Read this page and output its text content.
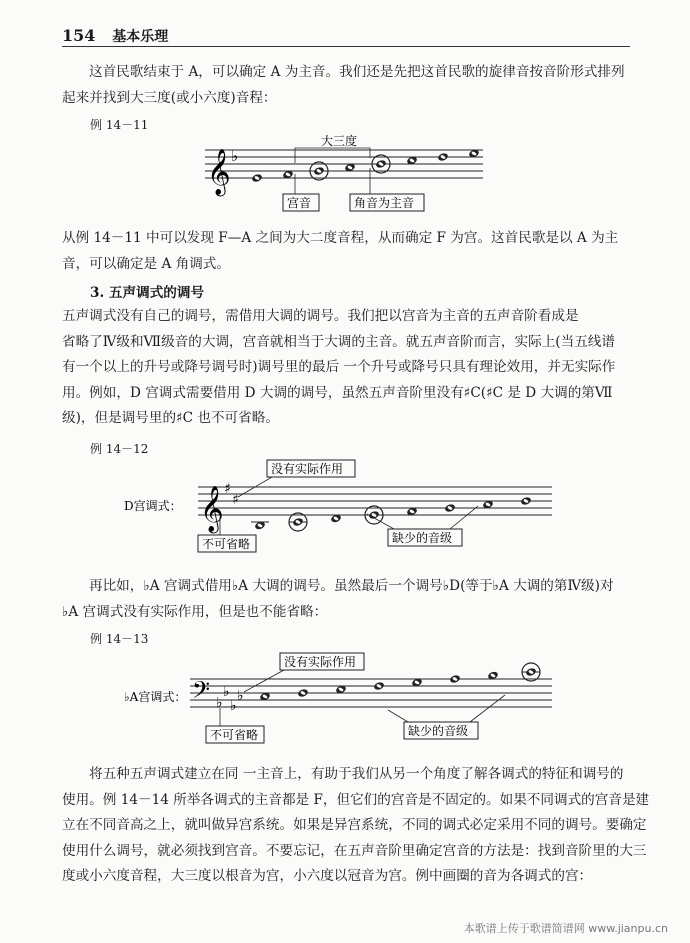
154 基本乐理
这首民歌结束于 A，可以确定 A 为主音。我们还是先把这首民歌的旋律音按音阶形式排列
起来并找到大三度(或小六度)音程：
例 14－11
𝄞 ♭
大三度
宫音	角音为主音
从例 14－11 中可以发现 F—A 之间为大二度音程，从而确定 F 为宫。这首民歌是以 A 为主
音，可以确定是 A 角调式。
3. 五声调式的调号
五声调式没有自己的调号，需借用大调的调号。我们把以宫音为主音的五声音阶看成是
省略了Ⅳ级和Ⅶ级音的大调，宫音就相当于大调的主音。就五声音阶而言，实际上(当五线谱
有一个以上的升号或降号调号时)调号里的最后 一个升号或降号只具有理论效用，并无实际作
用。例如，D 宫调式需要借用 D 大调的调号，虽然五声音阶里没有♯C(♯C 是 D 大调的第Ⅶ
级)，但是调号里的♯C 也不可省略。
例 14－12
D宫调式： 𝄞 ♯
♯
没有实际作用
不可省略	缺少的音级
再比如，♭A 宫调式借用♭A 大调的调号。虽然最后一个调号♭D(等于♭A 大调的第Ⅳ级)对
♭A 宫调式没有实际作用，但是也不能省略：
例 14－13
♭A宫调式： 𝄢 ♭
♭
♭
♭
没有实际作用
不可省略	缺少的音级
将五种五声调式建立在同 一主音上，有助于我们从另一个角度了解各调式的特征和调号的
使用。例 14－14 所举各调式的主音都是 F，但它们的宫音是不固定的。如果不同调式的宫音是建
立在不同音高之上，就叫做异宫系统。如果是异宫系统，不同的调式必定采用不同的调号。要确定
使用什么调号，就必须找到宫音。不要忘记，在五声音阶里确定宫音的方法是：找到音阶里的大三
度或小六度音程，大三度以根音为宫，小六度以冠音为宫。例中画圈的音为各调式的宫：
本歌谱上传于歌谱简谱网 www.jianpu.cn
